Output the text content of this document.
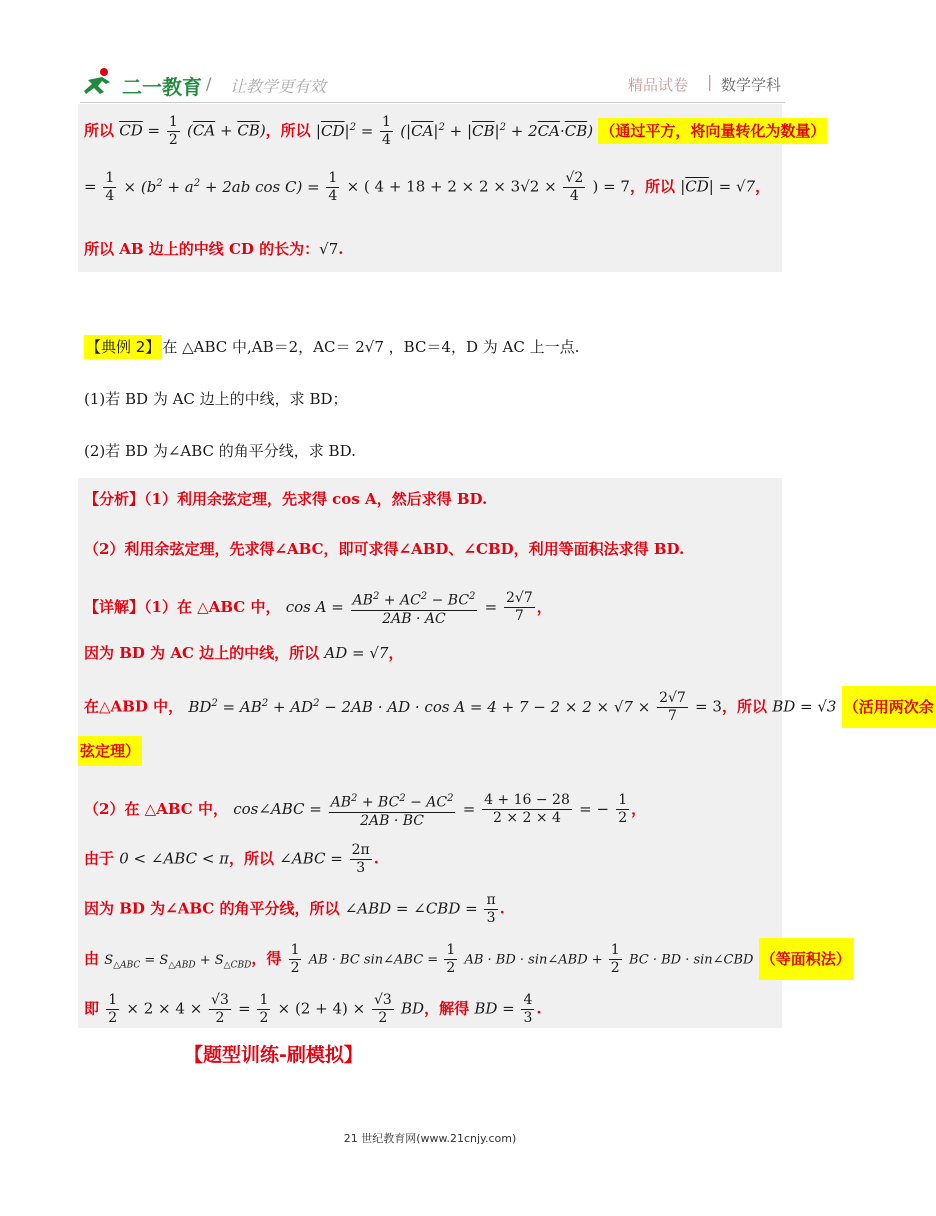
二一教育 / 让教学更有效	精品试卷 | 数学学科
所以 $\overline{CD} = \frac{1}{2} (\overline{CA} + \overline{CB})$，所以 $|\overline{CD}|^2 = \frac{1}{4} (|\overline{CA}|^2 + |\overline{CB}|^2 + 2\overline{CA}\cdot\overline{CB})$ （通过平方，将向量转化为数量）
= $\frac{1}{4} \times (b^2 + a^2 + 2ab$ $\cos C) = \frac{1}{4}$ × ( $4 + 18 + 2 \times 2 \times 3√2 \times \frac{√2}{4}$ ) = 7，所以 $|\overline{CD}| = √7$，
所以 AB 边上的中线 CD 的长为：√7.
【典例 2】 在 △ABC 中,AB＝2，AC＝ 2√7 ，BC＝4，D 为 AC 上一点.
(1)若 BD 为 AC 边上的中线，求 BD；
(2)若 BD 为∠ABC 的角平分线，求 BD.
【分析】（1）利用余弦定理，先求得 cos A，然后求得 BD.
（2）利用余弦定理，先求得∠ABC，即可求得∠ABD、∠CBD，利用等面积法求得 BD.
【详解】（1）在 △ABC 中， $\cos A = \frac{AB^2 + AC^2 - BC^2}{2AB \cdot AC} = \frac{2√7}{7}$ ，
因为 BD 为 AC 边上的中线，所以 AD = √7，
在△ABD 中， $BD^2 = AB^2 + AD^2 - 2AB$ · AD · $\cos A = 4 + 7 - 2 \times 2 \times √7 \times \frac{2√7}{7} = 3$，所以 BD = √3 （活用两次余
弦定理）
（2）在 △ABC 中， cos∠ABC = $\frac{AB^2 + BC^2 - AC^2}{2AB \cdot BC} = \frac{4 + 16 - 28}{2 \times 2 \times 4}$ = − $\frac{1}{2}$ ，
由于 0 < ∠ABC < π，所以 ∠ABC = $\frac{2\pi}{3}$ .
因为 BD 为∠ABC 的角平分线，所以 ∠ABD = ∠CBD = $\frac{\pi}{3}$ .
由 $S_{\triangle ABC} = S_{\triangle ABD} + S_{\triangle CBD}$，得 $\frac{1}{2}$ AB · BC sin∠ABC = $\frac{1}{2}$ AB · BD · sin∠ABD + $\frac{1}{2}$ BC · BD · sin∠CBD （等面积法）
即 $\frac{1}{2} \times 2 \times 4 \times \frac{√3}{2} = \frac{1}{2} \times (2 + 4) \times \frac{√3}{2}$ BD，解得 BD = $\frac{4}{3}$ .
【题型训练-刷模拟】
21 世纪教育网(www.21cnjy.com)
